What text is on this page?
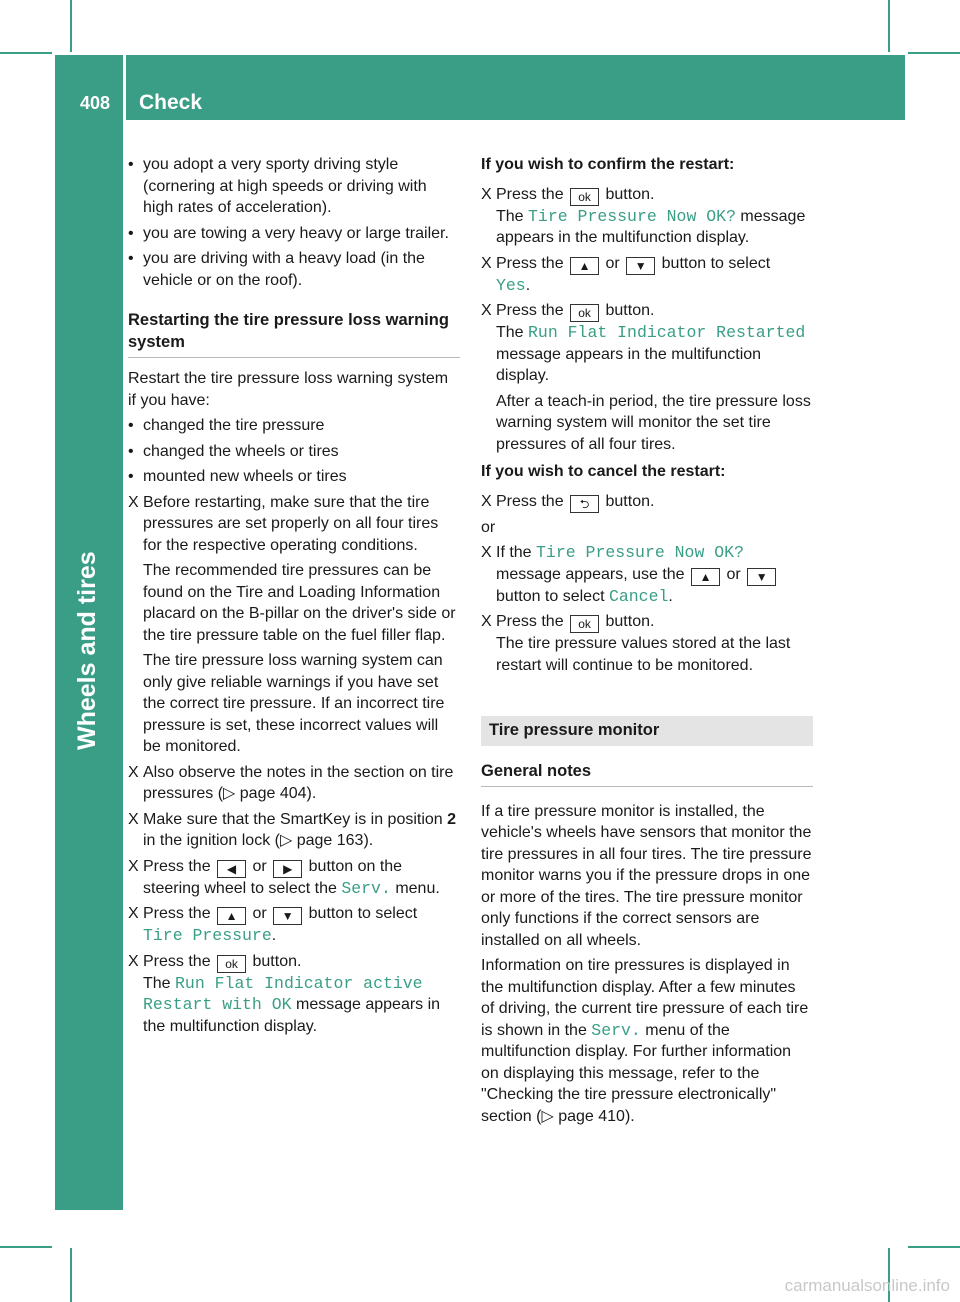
408 Check
Wheels and tires
• you adopt a very sporty driving style (cornering at high speeds or driving with high rates of acceleration).
• you are towing a very heavy or large trailer.
• you are driving with a heavy load (in the vehicle or on the roof).
Restarting the tire pressure loss warning system

Restart the tire pressure loss warning system if you have:

• changed the tire pressure
• changed the wheels or tires
• mounted new wheels or tires
X Before restarting, make sure that the tire pressures are set properly on all four tires for the respective operating conditions.

The recommended tire pressures can be found on the Tire and Loading Information placard on the B-pillar on the driver's side or the tire pressure table on the fuel filler flap.

The tire pressure loss warning system can only give reliable warnings if you have set the correct tire pressure. If an incorrect tire pressure is set, these incorrect values will be monitored.

X Also observe the notes in the section on tire pressures (▷ page 404).
X Make sure that the SmartKey is in position 2 in the ignition lock (▷ page 163).
X Press the ◀ or ▶ button on the steering wheel to select the Serv. menu.
X Press the ▲ or ▼ button to select Tire Pressure.
X Press the ok button.
The Run Flat Indicator active Restart with OK message appears in the multifunction display.
If you wish to confirm the restart:
X Press the ok button.
The Tire Pressure Now OK? message appears in the multifunction display.
X Press the ▲ or ▼ button to select
Yes.
X Press the ok button.
The Run Flat Indicator Restarted
message appears in the multifunction display.

After a teach-in period, the tire pressure loss warning system will monitor the set tire pressures of all four tires.

If you wish to cancel the restart:
X Press the ⮌ button.

or

X If the Tire Pressure Now OK? message appears, use the ▲ or ▼ button to select Cancel.
X Press the ok button.
The tire pressure values stored at the last restart will continue to be monitored.
Tire pressure monitor
General notes

If a tire pressure monitor is installed, the vehicle's wheels have sensors that monitor the tire pressures in all four tires. The tire pressure monitor warns you if the pressure drops in one or more of the tires. The tire pressure monitor only functions if the correct sensors are installed on all wheels.

Information on tire pressures is displayed in the multifunction display. After a few minutes of driving, the current tire pressure of each tire is shown in the Serv. menu of the multifunction display. For further information on displaying this message, refer to the "Checking the tire pressure electronically" section (▷ page 410).

carmanualsonline.info
